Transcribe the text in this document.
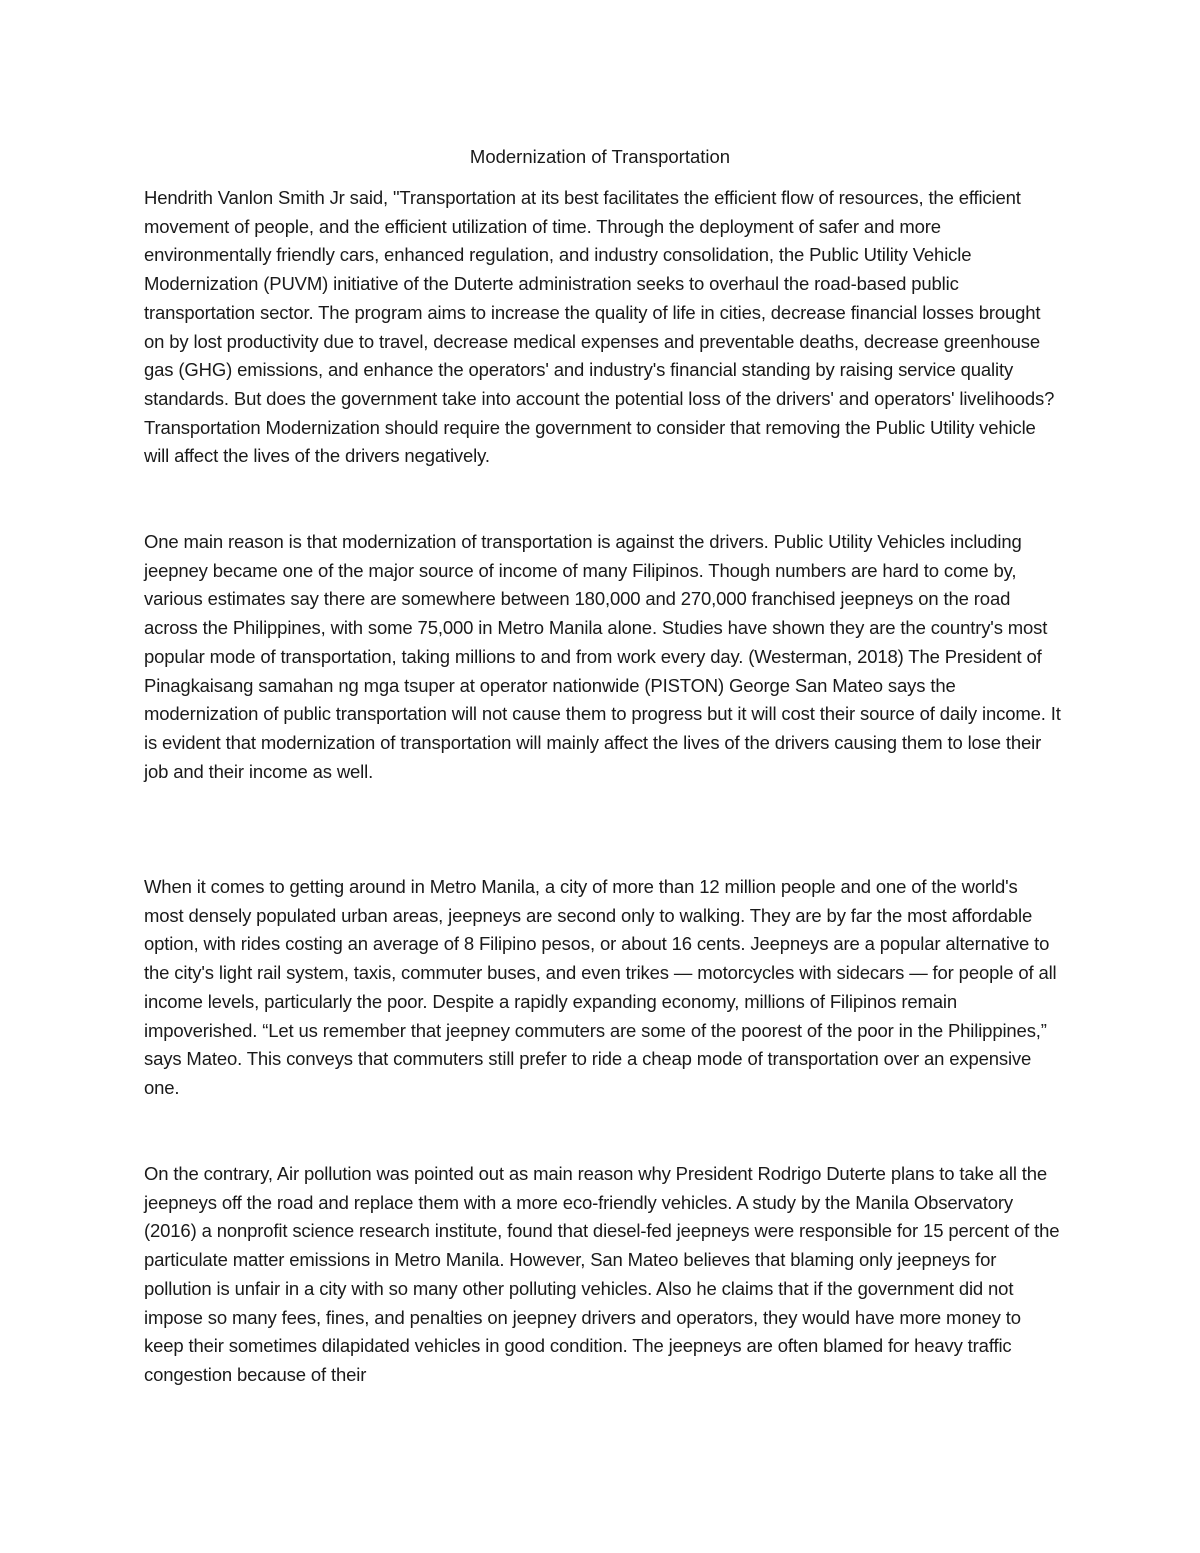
Modernization of Transportation

Hendrith Vanlon Smith Jr said, "Transportation at its best facilitates the efficient flow of resources, the efficient movement of people, and the efficient utilization of time. Through the deployment of safer and more environmentally friendly cars, enhanced regulation, and industry consolidation, the Public Utility Vehicle Modernization (PUVM) initiative of the Duterte administration seeks to overhaul the road-based public transportation sector. The program aims to increase the quality of life in cities, decrease financial losses brought on by lost productivity due to travel, decrease medical expenses and preventable deaths, decrease greenhouse gas (GHG) emissions, and enhance the operators' and industry's financial standing by raising service quality standards. But does the government take into account the potential loss of the drivers' and operators' livelihoods? Transportation Modernization should require the government to consider that removing the Public Utility vehicle will affect the lives of the drivers negatively.

One main reason is that modernization of transportation is against the drivers. Public Utility Vehicles including jeepney became one of the major source of income of many Filipinos. Though numbers are hard to come by, various estimates say there are somewhere between 180,000 and 270,000 franchised jeepneys on the road across the Philippines, with some 75,000 in Metro Manila alone. Studies have shown they are the country's most popular mode of transportation, taking millions to and from work every day. (Westerman, 2018) The President of Pinagkaisang samahan ng mga tsuper at operator nationwide (PISTON) George San Mateo says the modernization of public transportation will not cause them to progress but it will cost their source of daily income. It is evident that modernization of transportation will mainly affect the lives of the drivers causing them to lose their job and their income as well.

When it comes to getting around in Metro Manila, a city of more than 12 million people and one of the world's most densely populated urban areas, jeepneys are second only to walking. They are by far the most affordable option, with rides costing an average of 8 Filipino pesos, or about 16 cents. Jeepneys are a popular alternative to the city's light rail system, taxis, commuter buses, and even trikes — motorcycles with sidecars — for people of all income levels, particularly the poor. Despite a rapidly expanding economy, millions of Filipinos remain impoverished. “Let us remember that jeepney commuters are some of the poorest of the poor in the Philippines,” says Mateo. This conveys that commuters still prefer to ride a cheap mode of transportation over an expensive one.

On the contrary, Air pollution was pointed out as main reason why President Rodrigo Duterte plans to take all the jeepneys off the road and replace them with a more eco-friendly vehicles. A study by the Manila Observatory (2016) a nonprofit science research institute, found that diesel-fed jeepneys were responsible for 15 percent of the particulate matter emissions in Metro Manila. However, San Mateo believes that blaming only jeepneys for pollution is unfair in a city with so many other polluting vehicles. Also he claims that if the government did not impose so many fees, fines, and penalties on jeepney drivers and operators, they would have more money to keep their sometimes dilapidated vehicles in good condition. The jeepneys are often blamed for heavy traffic congestion because of their
